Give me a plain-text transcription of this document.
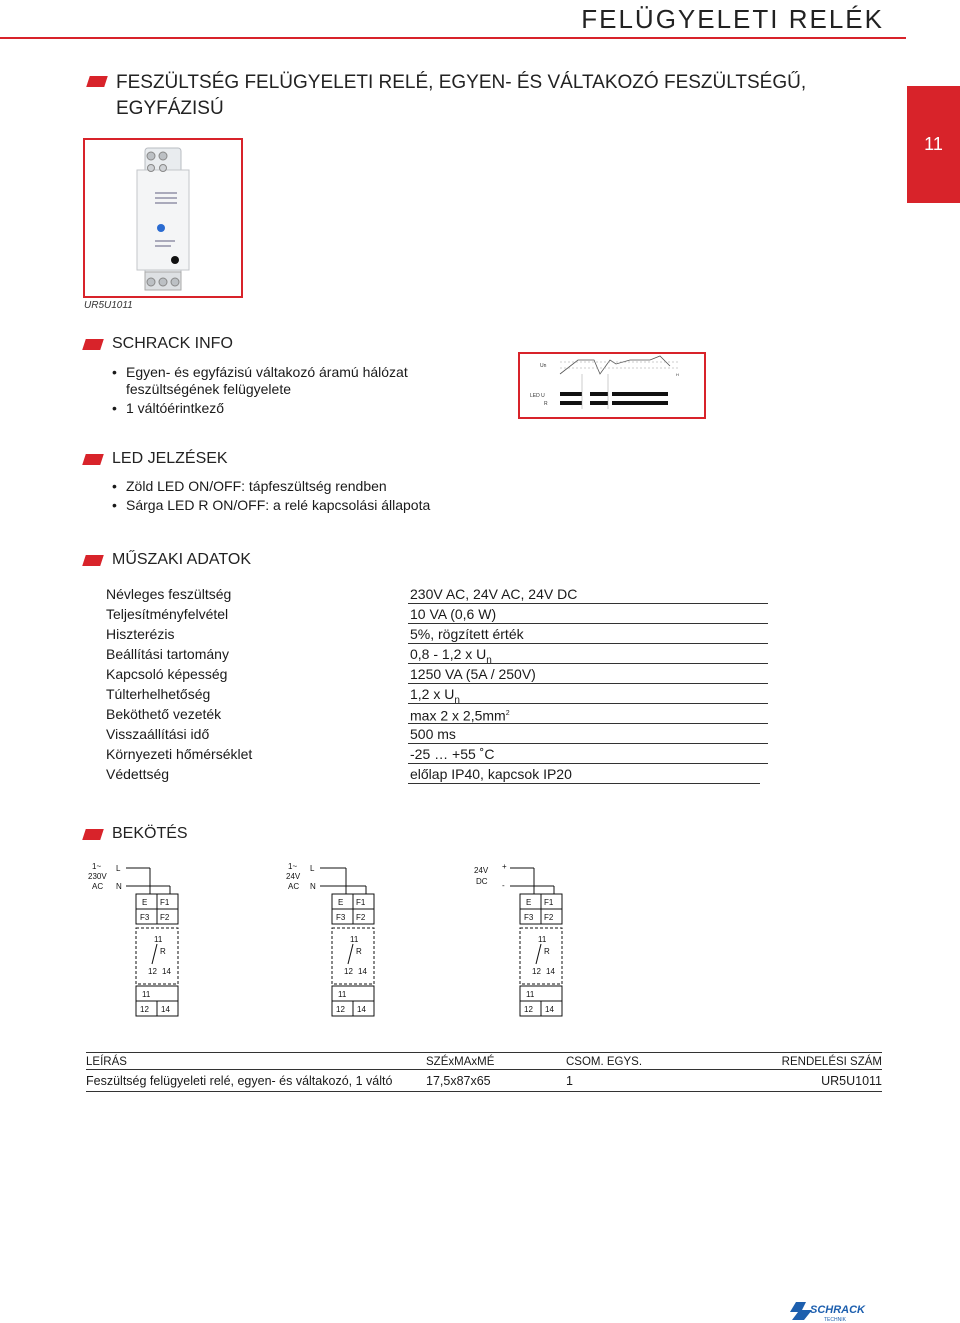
FELÜGYELETI RELÉK
11
FESZÜLTSÉG FELÜGYELETI RELÉ, EGYEN- ÉS VÁLTAKOZÓ FESZÜLTSÉGŰ, EGYFÁZISÚ
UR5U1011
SCHRACK INFO
• Egyen- és egyfázisú váltakozó áramú hálózat feszültségének felügyelete
• 1 váltóérintkező
Un
H
LED U
R
LED JELZÉSEK
• Zöld LED ON/OFF: tápfeszültség rendben
• Sárga LED R ON/OFF: a relé kapcsolási állapota
MŰSZAKI ADATOK
Névleges feszültség	230V AC, 24V AC, 24V DC
Teljesítményfelvétel	10 VA (0,6 W)
Hiszterézis	5%, rögzített érték
Beállítási tartomány	0,8 - 1,2 x $U_n$
Kapcsoló képesség	1250 VA (5A / 250V)
Túlterhelhetőség	1,2 x $U_n$
Beköthető vezeték	max 2 x $2,5mm^2$
Visszaállítási idő	500 ms
Környezeti hőmérséklet	-25 … +55 ˚C
Védettség	előlap IP40, kapcsok IP20
BEKÖTÉS
1~
230V
AC
L
N
E F1
F3 F2
11
R
12 14
11
12 14
1~
24V
AC
L
N
E F1
F3 F2
11
R
12 14
11
12 14
24V
DC
+
-
E F1
F3 F2
11
R
12 14
11
12 14
LEÍRÁS	SZÉxMAxMÉ	CSOM. EGYS.	RENDELÉSI SZÁM
Feszültség felügyeleti relé, egyen- és váltakozó, 1 váltó	17,5x87x65	1	UR5U1011
SCHRACK
TECHNIK
